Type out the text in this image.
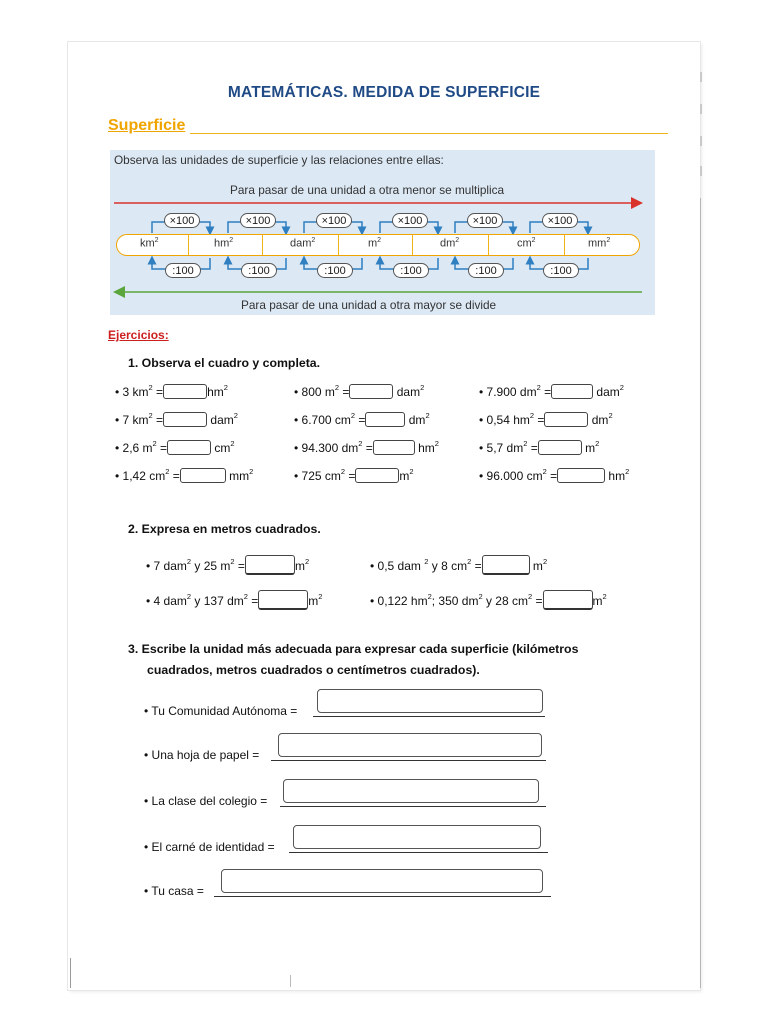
MATEMÁTICAS. MEDIDA DE SUPERFICIE
Superficie
Observa las unidades de superficie y las relaciones entre ellas:
Para pasar de una unidad a otra menor se multiplica
Para pasar de una unidad a otra mayor se divide
$km^2$	$hm^2$	dam$^2$	$m^2$	$dm^2$	$cm^2$	$mm^2$
×100
:100
×100
:100
×100
:100
×100
:100
×100
:100
×100
:100
Ejercicios:
1. Observa el cuadro y completa.
• 3 $km^2$ =	$hm^2$	• 800 $m^2$ =	dam$^2$	• 7.900 $dm^2$ =	dam$^2$
• 7 $km^2$ =	dam$^2$	• 6.700 $cm^2$ =	$dm^2$	• 0,54 $hm^2$ =	$dm^2$
• 2,6 $m^2$ =	$cm^2$	• 94.300 $dm^2$ =	$hm^2$	• 5,7 $dm^2$ =	$m^2$
• 1,42 $cm^2$ =	$mm^2$	• 725 $cm^2$ =	$m^2$	• 96.000 $cm^2$ =	$hm^2$
2. Expresa en metros cuadrados.
• 7 dam$^2$ y 25 $m^2$ =	$m^2$	• 0,5 dam $^2$ y 8 $cm^2$ =	$m^2$
• 4 dam$^2$ y 137 $dm^2$ =	$m^2$	• 0,122 $hm^2$; 350 $dm^2$ y 28 $cm^2$ =	$m^2$
3. Escribe la unidad más adecuada para expresar cada superficie (kilómetros
cuadrados, metros cuadrados o centímetros cuadrados).
• Tu Comunidad Autónoma =
• Una hoja de papel =
• La clase del colegio =
• El carné de identidad =
• Tu casa =
